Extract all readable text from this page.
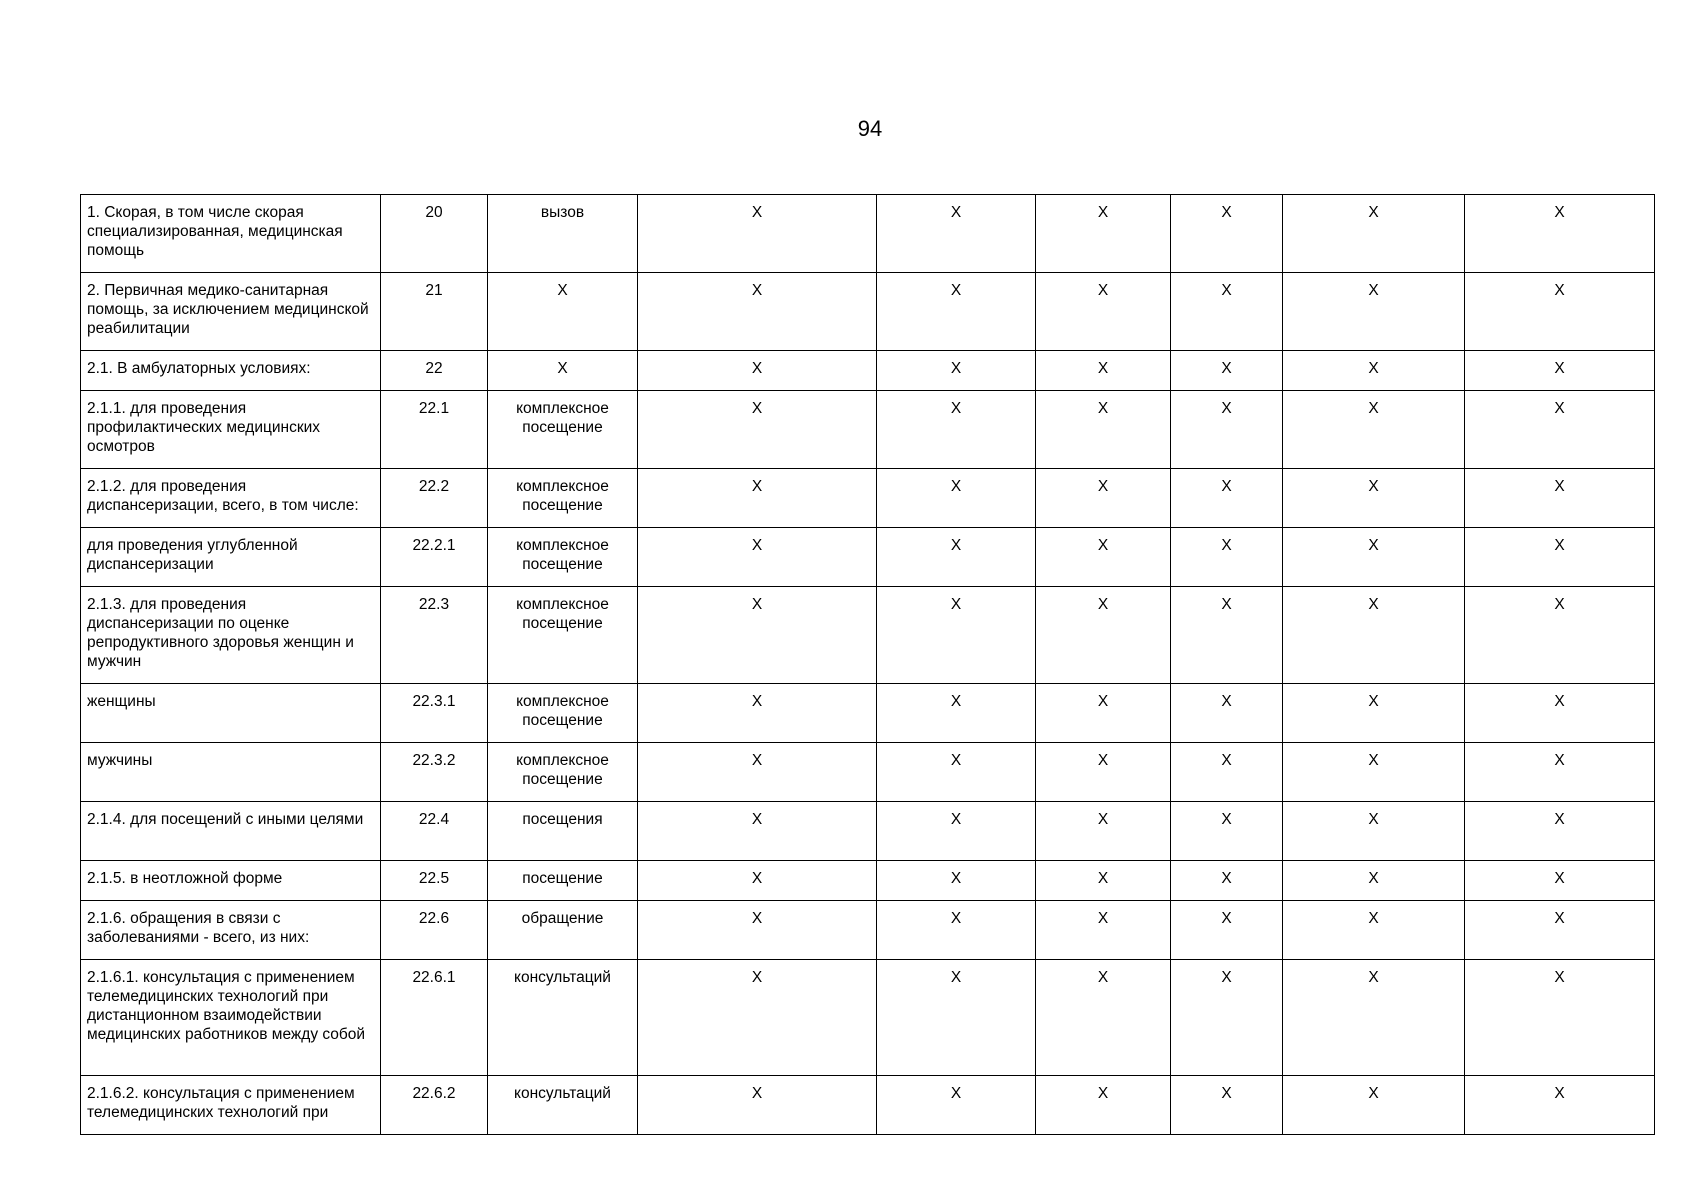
94
1. Скорая, в том числе скорая специализированная, медицинская помощь	20	вызов	X	X	X	X	X	X
2. Первичная медико-санитарная помощь, за исключением медицинской реабилитации	21	X	X	X	X	X	X	X
2.1. В амбулаторных условиях:	22	X	X	X	X	X	X	X
2.1.1. для проведения профилактических медицинских осмотров	22.1	комплексное посещение	X	X	X	X	X	X
2.1.2. для проведения диспансеризации, всего, в том числе:	22.2	комплексное посещение	X	X	X	X	X	X
для проведения углубленной диспансеризации	22.2.1	комплексное посещение	X	X	X	X	X	X
2.1.3. для проведения диспансеризации по оценке репродуктивного здоровья женщин и мужчин	22.3	комплексное посещение	X	X	X	X	X	X
женщины	22.3.1	комплексное посещение	X	X	X	X	X	X
мужчины	22.3.2	комплексное посещение	X	X	X	X	X	X
2.1.4. для посещений с иными целями	22.4	посещения	X	X	X	X	X	X
2.1.5. в неотложной форме	22.5	посещение	X	X	X	X	X	X
2.1.6. обращения в связи с заболеваниями - всего, из них:	22.6	обращение	X	X	X	X	X	X
2.1.6.1. консультация с применением телемедицинских технологий при дистанционном взаимодействии медицинских работников между собой	22.6.1	консультаций	X	X	X	X	X	X
2.1.6.2. консультация с применением телемедицинских технологий при	22.6.2	консультаций	X	X	X	X	X	X
